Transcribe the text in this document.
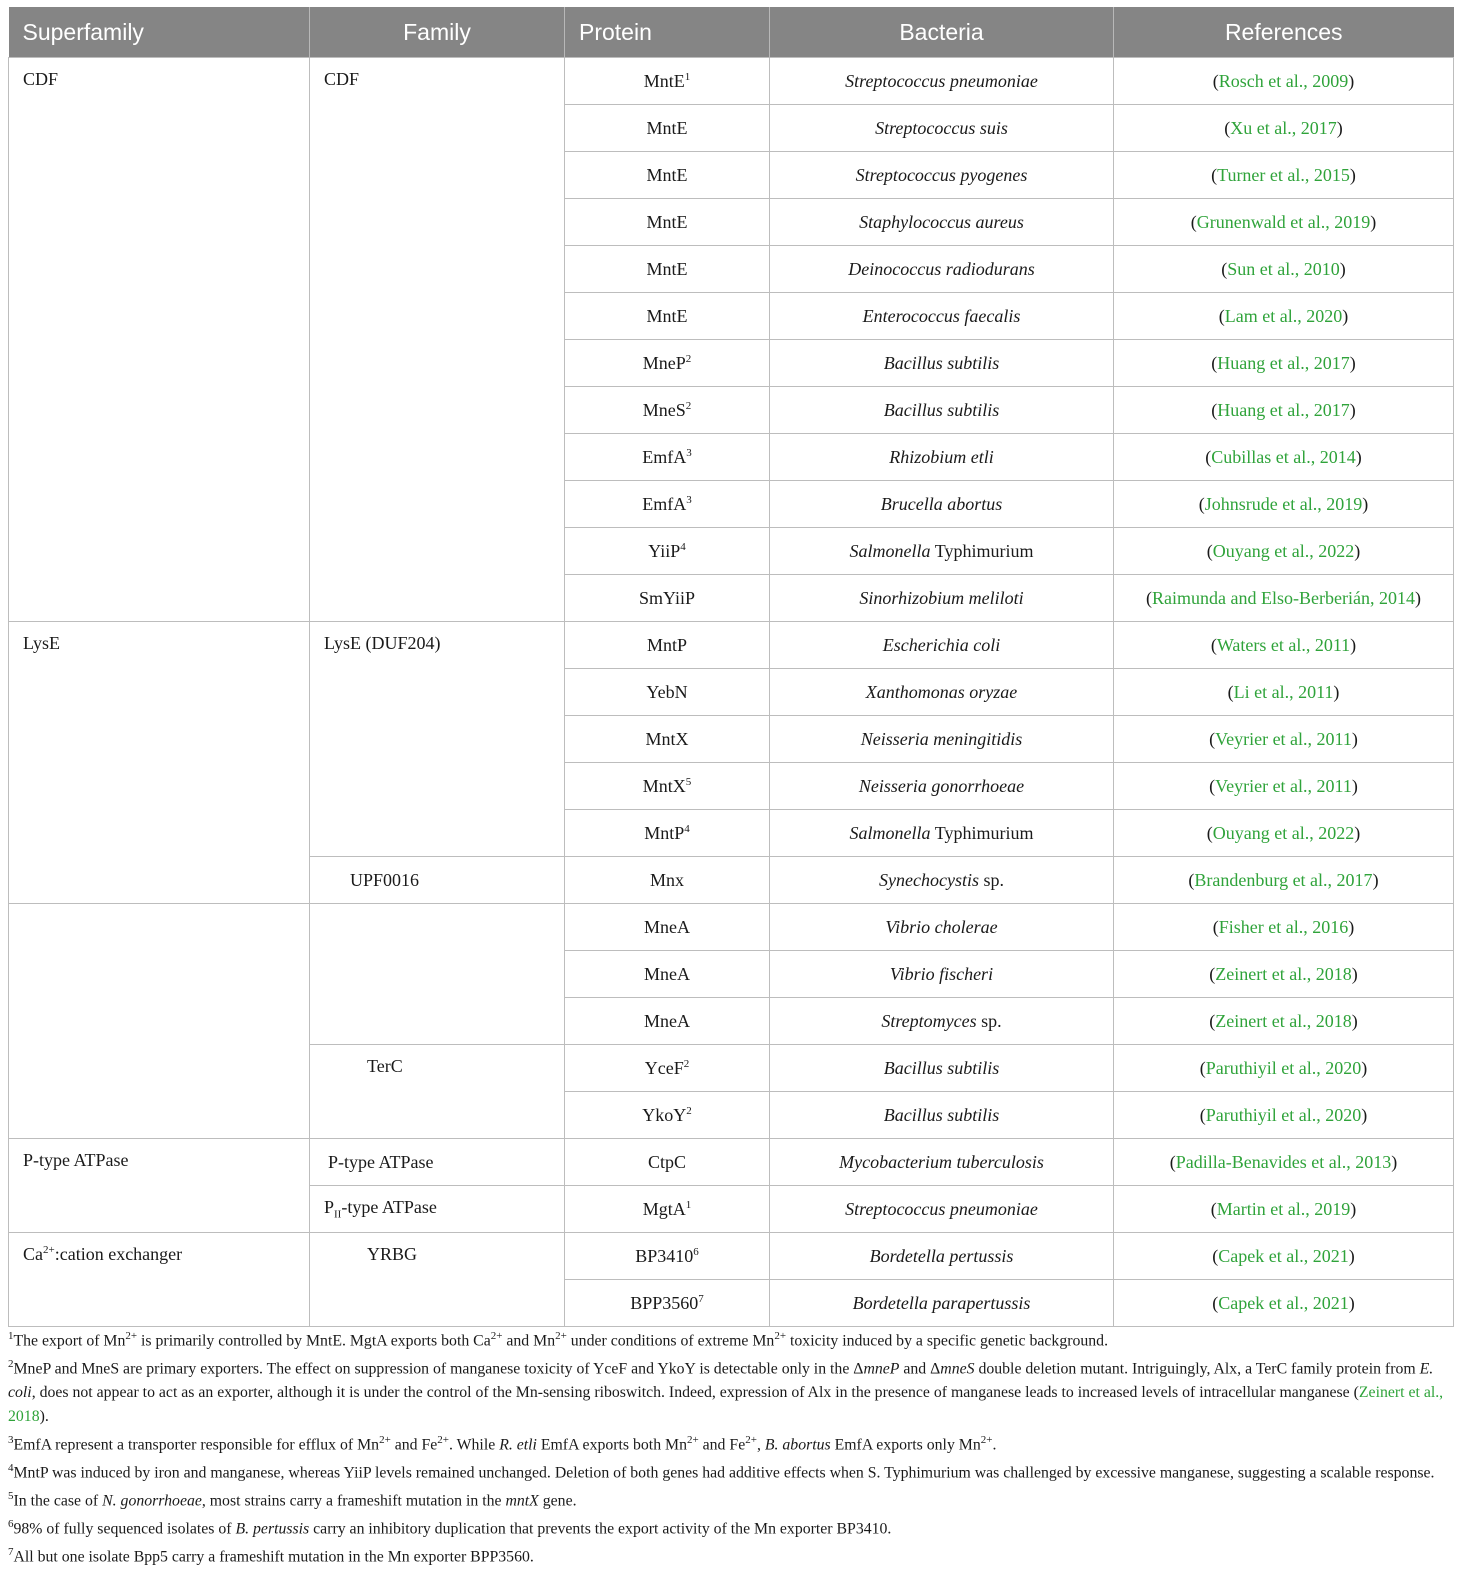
Superfamily	Family	Protein	Bacteria	References
CDF	CDF	MntE$^1$	Streptococcus pneumoniae	(Rosch et al., 2009)
		MntE	Streptococcus suis	(Xu et al., 2017)
		MntE	Streptococcus pyogenes	(Turner et al., 2015)
		MntE	Staphylococcus aureus	(Grunenwald et al., 2019)
		MntE	Deinococcus radiodurans	(Sun et al., 2010)
		MntE	Enterococcus faecalis	(Lam et al., 2020)
		MneP$^2$	Bacillus subtilis	(Huang et al., 2017)
		MneS$^2$	Bacillus subtilis	(Huang et al., 2017)
		EmfA$^3$	Rhizobium etli	(Cubillas et al., 2014)
		EmfA$^3$	Brucella abortus	(Johnsrude et al., 2019)
		YiiP$^4$	Salmonella Typhimurium	(Ouyang et al., 2022)
		SmYiiP	Sinorhizobium meliloti	(Raimunda and Elso-Berberián, 2014)
LysE	LysE (DUF204)	MntP	Escherichia coli	(Waters et al., 2011)
		YebN	Xanthomonas oryzae	(Li et al., 2011)
		MntX	Neisseria meningitidis	(Veyrier et al., 2011)
		MntX$^5$	Neisseria gonorrhoeae	(Veyrier et al., 2011)
		MntP$^4$	Salmonella Typhimurium	(Ouyang et al., 2022)
	UPF0016	Mnx	Synechocystis sp.	(Brandenburg et al., 2017)
		MneA	Vibrio cholerae	(Fisher et al., 2016)
		MneA	Vibrio fischeri	(Zeinert et al., 2018)
		MneA	Streptomyces sp.	(Zeinert et al., 2018)
	TerC	YceF$^2$	Bacillus subtilis	(Paruthiyil et al., 2020)
		YkoY$^2$	Bacillus subtilis	(Paruthiyil et al., 2020)
P-type ATPase	P-type ATPase	CtpC	Mycobacterium tuberculosis	(Padilla-Benavides et al., 2013)
	$P_{II}$-type ATPase	MgtA$^1$	Streptococcus pneumoniae	(Martin et al., 2019)
$Ca^{2+}:cation$ exchanger	YRBG	BP3410$^6$	Bordetella pertussis	(Capek et al., 2021)
		BPP3560$^7$	Bordetella parapertussis	(Capek et al., 2021)

$^1$The export of $Mn^{2+}$ is primarily controlled by MntE. MgtA exports both $Ca^{2+}$ and $Mn^{2+}$ under conditions of extreme $Mn^{2+}$ toxicity induced by a specific genetic background.

$^2$MneP and MneS are primary exporters. The effect on suppression of manganese toxicity of YceF and YkoY is detectable only in the ΔmneP and ΔmneS double deletion mutant. Intriguingly, Alx, a TerC family protein from E. coli, does not appear to act as an exporter, although it is under the control of the Mn-sensing riboswitch. Indeed, expression of Alx in the presence of manganese leads to increased levels of intracellular manganese (Zeinert et al., 2018).

$^3$EmfA represent a transporter responsible for efflux of $Mn^{2+}$ and $Fe^{2+}$. While R. etli EmfA exports both $Mn^{2+}$ and $Fe^{2+}$, B. abortus EmfA exports only $Mn^{2+}$.

$^4$MntP was induced by iron and manganese, whereas YiiP levels remained unchanged. Deletion of both genes had additive effects when S. Typhimurium was challenged by excessive manganese, suggesting a scalable response.

$^5$In the case of N. gonorrhoeae, most strains carry a frameshift mutation in the mntX gene.

$^6$98% of fully sequenced isolates of B. pertussis carry an inhibitory duplication that prevents the export activity of the Mn exporter BP3410.

$^7$All but one isolate Bpp5 carry a frameshift mutation in the Mn exporter BPP3560.
